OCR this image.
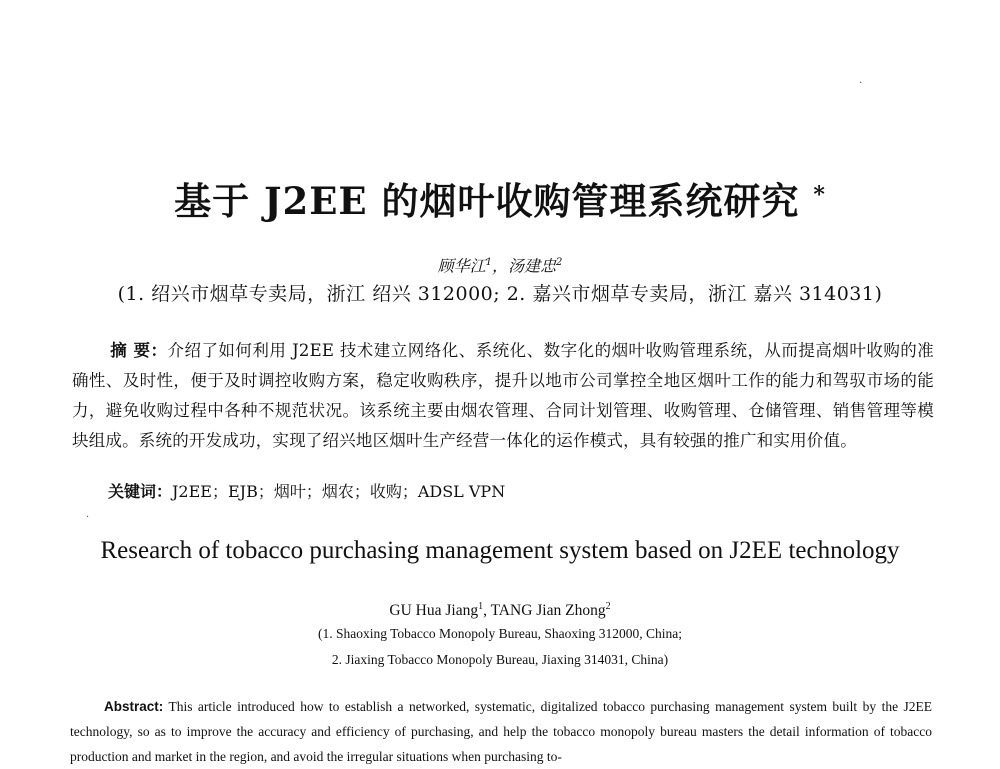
·
基于 J2EE 的烟叶收购管理系统研究 *
顾华江$^1$，汤建忠$^2$
(1. 绍兴市烟草专卖局，浙江 绍兴 312000; 2. 嘉兴市烟草专卖局，浙江 嘉兴 314031)
摘 要：介绍了如何利用 J2EE 技术建立网络化、系统化、数字化的烟叶收购管理系统，从而提高烟叶收购的准确性、及时性，便于及时调控收购方案，稳定收购秩序，提升以地市公司掌控全地区烟叶工作的能力和驾驭市场的能力，避免收购过程中各种不规范状况。该系统主要由烟农管理、合同计划管理、收购管理、仓储管理、销售管理等模块组成。系统的开发成功，实现了绍兴地区烟叶生产经营一体化的运作模式，具有较强的推广和实用价值。
关键词：J2EE；EJB；烟叶；烟农；收购；ADSL VPN
·
Research of tobacco purchasing management system based on J2EE technology
GU Hua Jiang$^1$, TANG Jian Zhong$^2$
(1. Shaoxing Tobacco Monopoly Bureau, Shaoxing 312000, China;
2. Jiaxing Tobacco Monopoly Bureau, Jiaxing 314031, China)
Abstract: This article introduced how to establish a networked, systematic, digitalized tobacco purchasing management system built by the J2EE technology, so as to improve the accuracy and efficiency of purchasing, and help the tobacco monopoly bureau masters the detail information of tobacco production and market in the region, and avoid the irregular situations when purchasing to-
